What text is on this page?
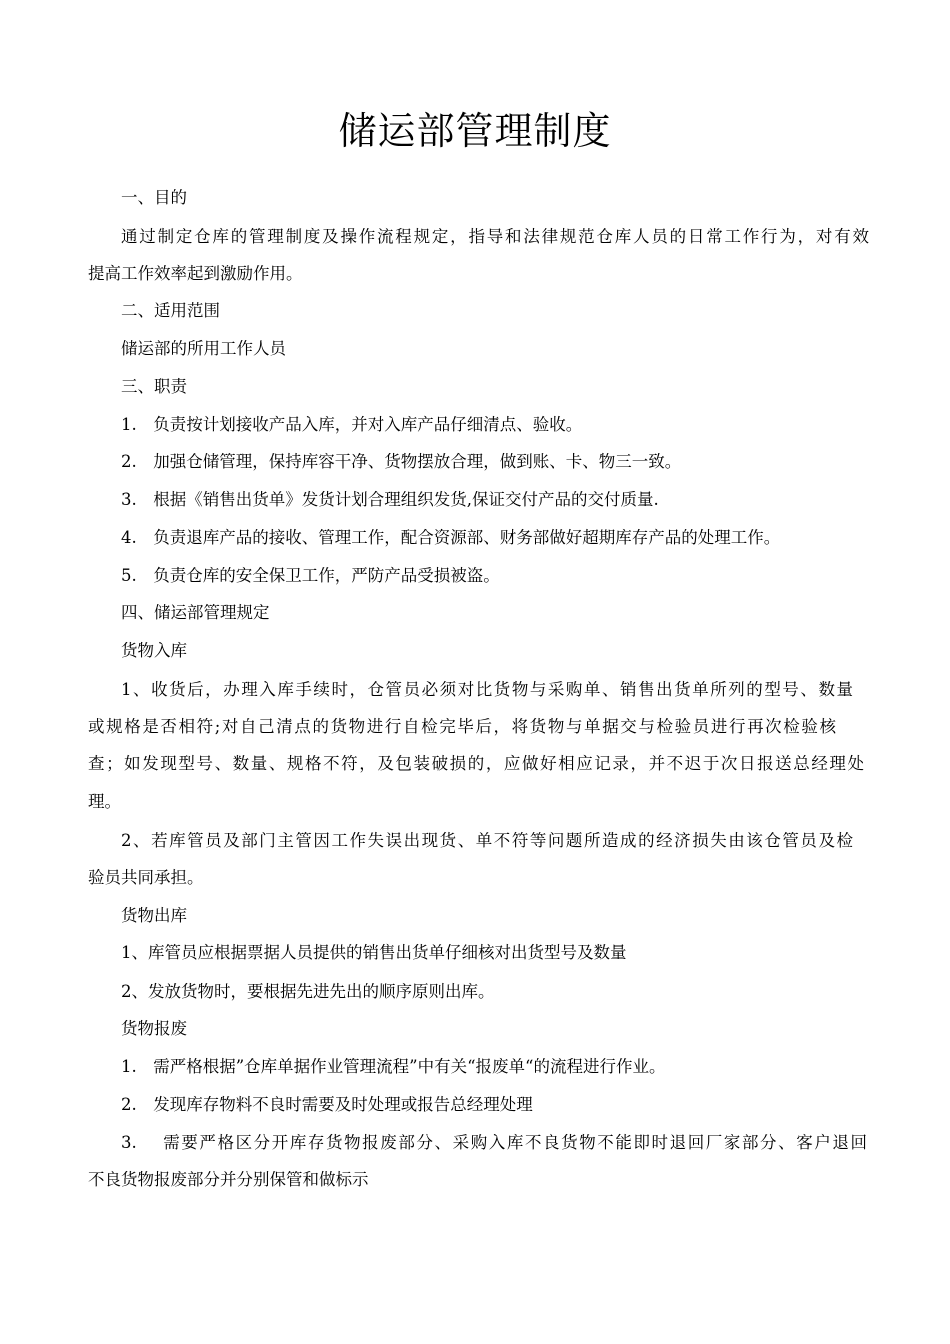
储运部管理制度

一、目的

通过制定仓库的管理制度及操作流程规定，指导和法律规范仓库人员的日常工作行为，对有效

提高工作效率起到激励作用。

二、适用范围

储运部的所用工作人员

三、职责

1.　负责按计划接收产品入库，并对入库产品仔细清点、验收。

2.　加强仓储管理，保持库容干净、货物摆放合理，做到账、卡、物三一致。

3.　根据《销售出货单》发货计划合理组织发货,保证交付产品的交付质量.

4.　负责退库产品的接收、管理工作，配合资源部、财务部做好超期库存产品的处理工作。

5.　负责仓库的安全保卫工作，严防产品受损被盗。

四、储运部管理规定

货物入库

1、收货后，办理入库手续时，仓管员必须对比货物与采购单、销售出货单所列的型号、数量

或规格是否相符;对自己清点的货物进行自检完毕后，将货物与单据交与检验员进行再次检验核

查；如发现型号、数量、规格不符，及包装破损的，应做好相应记录，并不迟于次日报送总经理处

理。

2、若库管员及部门主管因工作失误出现货、单不符等问题所造成的经济损失由该仓管员及检

验员共同承担。

货物出库

1、库管员应根据票据人员提供的销售出货单仔细核对出货型号及数量

2、发放货物时，要根据先进先出的顺序原则出库。

货物报废

1.　需严格根据”仓库单据作业管理流程”中有关“报废单“的流程进行作业。

2.　发现库存物料不良时需要及时处理或报告总经理处理

3.　 需要严格区分开库存货物报废部分、采购入库不良货物不能即时退回厂家部分、客户退回

不良货物报废部分并分别保管和做标示
